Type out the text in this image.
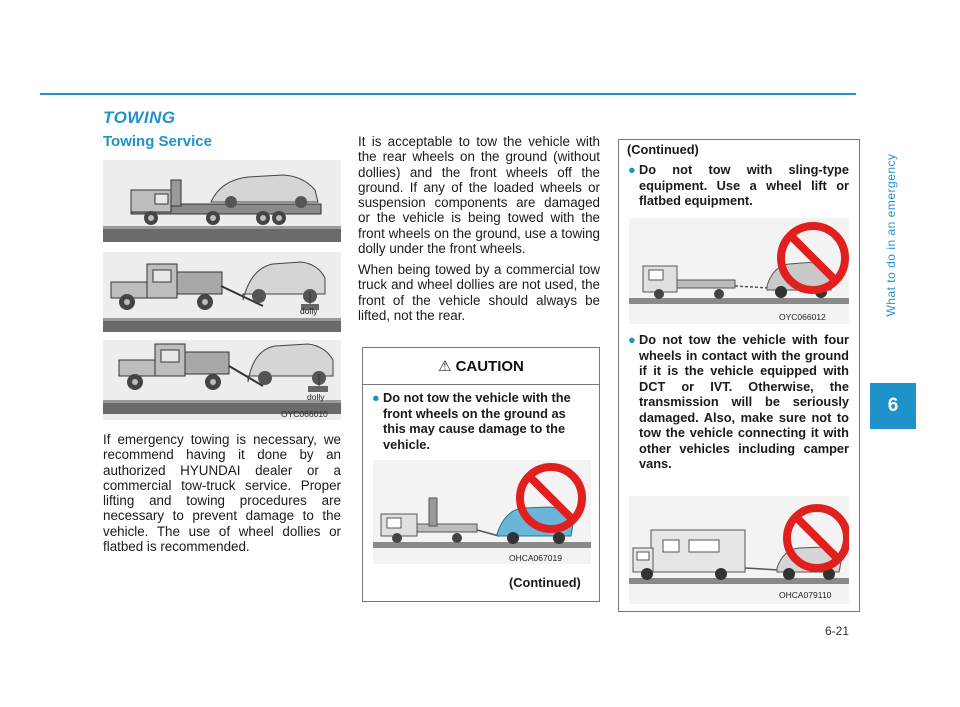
TOWING
Towing Service
What to do in an emergency
6
dolly
dolly
OYC066010
If emergency towing is necessary, we recommend having it done by an authorized HYUNDAI dealer or a commercial tow-truck service. Proper lifting and towing procedures are necessary to prevent damage to the vehicle. The use of wheel dollies or flatbed is recommended.

It is acceptable to tow the vehicle with the rear wheels on the ground (without dollies) and the front wheels off the ground. If any of the loaded wheels or suspension components are damaged or the vehicle is being towed with the front wheels on the ground, use a towing dolly under the front wheels.

When being towed by a commercial tow truck and wheel dollies are not used, the front of the vehicle should always be lifted, not the rear.

⚠ CAUTION
● Do not tow the vehicle with the front wheels on the ground as this may cause damage to the vehicle.
OHCA067019
(Continued)
(Continued)
● Do not tow with sling-type equipment. Use a wheel lift or flatbed equipment.
OYC066012
● Do not tow the vehicle with four wheels in contact with the ground if it is the vehicle equipped with DCT or IVT. Otherwise, the transmission will be seriously damaged. Also, make sure not to tow the vehicle connecting it with other vehicles including camper vans.
OHCA079110
6-21
